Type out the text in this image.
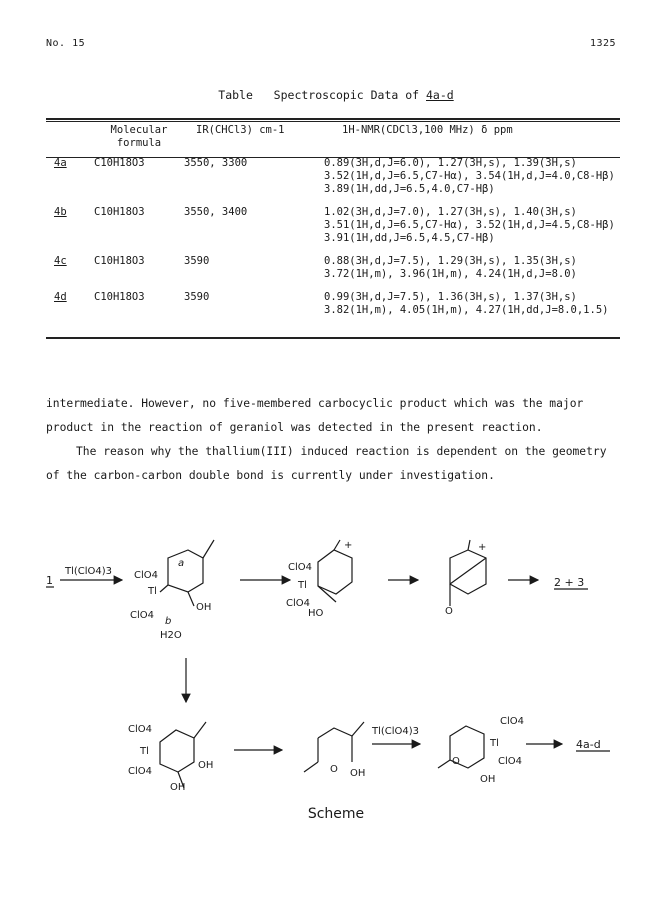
No. 15	1325
Table   Spectroscopic Data of 4a-d

	Molecular
formula	IR(CHCl3) cm-1	1H-NMR(CDCl3,100 MHz) δ ppm
4a	C10H18O3	3550, 3300	0.89(3H,d,J=6.0), 1.27(3H,s), 1.39(3H,s)
3.52(1H,d,J=6.5,C7-Hα), 3.54(1H,d,J=4.0,C8-Hβ)
3.89(1H,dd,J=6.5,4.0,C7-Hβ)

4b	C10H18O3	3550, 3400	1.02(3H,d,J=7.0), 1.27(3H,s), 1.40(3H,s)
3.51(1H,d,J=6.5,C7-Hα), 3.52(1H,d,J=4.5,C8-Hβ)
3.91(1H,dd,J=6.5,4.5,C7-Hβ)

4c	C10H18O3	3590	0.88(3H,d,J=7.5), 1.29(3H,s), 1.35(3H,s)
3.72(1H,m), 3.96(1H,m), 4.24(1H,d,J=8.0)

4d	C10H18O3	3590	0.99(3H,d,J=7.5), 1.36(3H,s), 1.37(3H,s)
3.82(1H,m), 4.05(1H,m), 4.27(1H,dd,J=8.0,1.5)

intermediate. However, no five-membered carbocyclic product which was the major product in the reaction of geraniol was detected in the present reaction.

The reason why the thallium(III) induced reaction is dependent on the geometry of the carbon-carbon double bond is currently under investigation.

1
Tl(ClO4)3 ClO4
Tl
ClO4
OH
a
b
H2O
+
ClO4
Tl
ClO4
HO
+
O
2 + 3
ClO4
Tl
ClO4
OH
OH
O OH
Tl(ClO4)3
ClO4
Tl
ClO4
O
OH
4a-d
Scheme
